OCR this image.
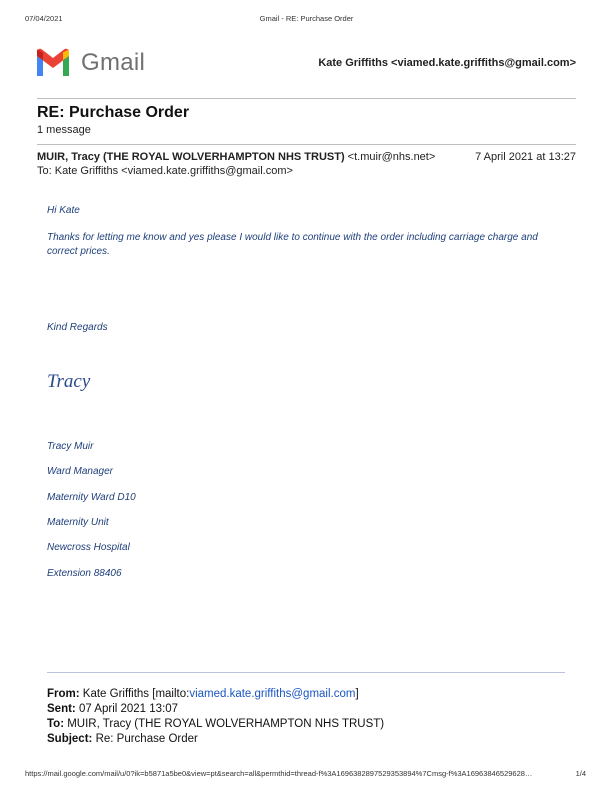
07/04/2021	Gmail - RE: Purchase Order
Gmail	Kate Griffiths <viamed.kate.griffiths@gmail.com>
RE: Purchase Order
1 message
MUIR, Tracy (THE ROYAL WOLVERHAMPTON NHS TRUST) <t.muir@nhs.net>	7 April 2021 at 13:27
To: Kate Griffiths <viamed.kate.griffiths@gmail.com>
Hi Kate
Thanks for letting me know and yes please I would like to continue with the order including carriage charge and correct prices.
Kind Regards
Tracy
Tracy Muir
Ward Manager
Maternity Ward D10
Maternity Unit
Newcross Hospital
Extension 88406
From: Kate Griffiths [mailto:viamed.kate.griffiths@gmail.com]
Sent: 07 April 2021 13:07
To: MUIR, Tracy (THE ROYAL WOLVERHAMPTON NHS TRUST)
Subject: Re: Purchase Order
https://mail.google.com/mail/u/0?ik=b5871a5be0&view=pt&search=all&permthid=thread-f%3A1696382897529353894%7Cmsg-f%3A16963846529628…	1/4
